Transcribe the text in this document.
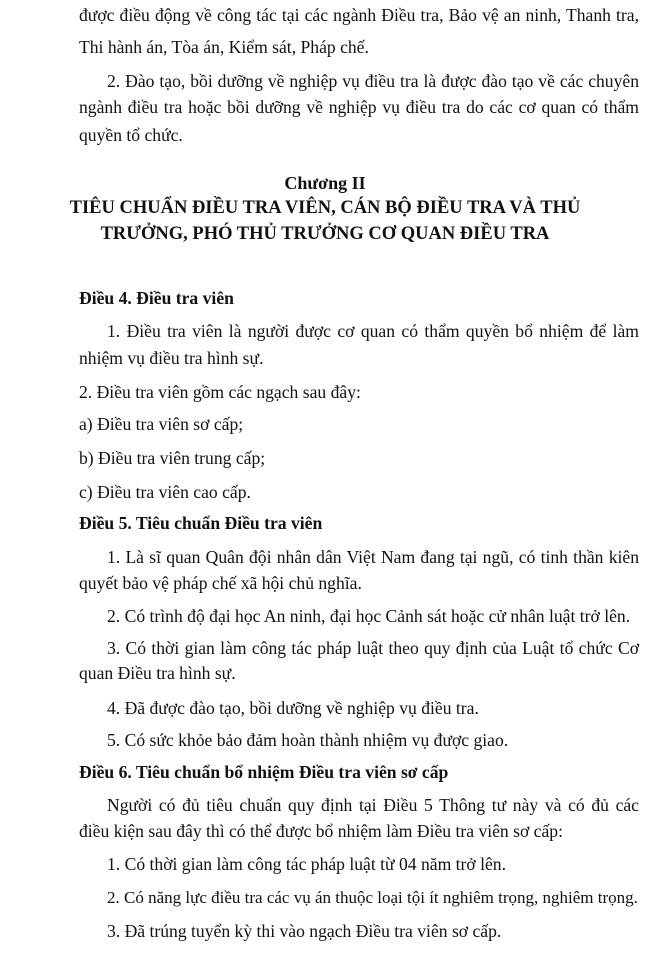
được điều động về công tác tại các ngành Điều tra, Bảo vệ an ninh, Thanh tra,
Thi hành án, Tòa án, Kiểm sát, Pháp chế.
2. Đào tạo, bồi dưỡng về nghiệp vụ điều tra là được đào tạo về các chuyên
ngành điều tra hoặc bồi dưỡng về nghiệp vụ điều tra do các cơ quan có thẩm
quyền tổ chức.
Chương II
TIÊU CHUẨN ĐIỀU TRA VIÊN, CÁN BỘ ĐIỀU TRA VÀ THỦ
TRƯỞNG, PHÓ THỦ TRƯỞNG CƠ QUAN ĐIỀU TRA
Điều 4. Điều tra viên
1. Điều tra viên là người được cơ quan có thẩm quyền bổ nhiệm để làm
nhiệm vụ điều tra hình sự.
2. Điều tra viên gồm các ngạch sau đây:
a) Điều tra viên sơ cấp;
b) Điều tra viên trung cấp;
c) Điều tra viên cao cấp.
Điều 5. Tiêu chuẩn Điều tra viên
1. Là sĩ quan Quân đội nhân dân Việt Nam đang tại ngũ, có tinh thần kiên
quyết bảo vệ pháp chế xã hội chủ nghĩa.
2. Có trình độ đại học An ninh, đại học Cảnh sát hoặc cử nhân luật trở lên.
3. Có thời gian làm công tác pháp luật theo quy định của Luật tổ chức Cơ
quan Điều tra hình sự.
4. Đã được đào tạo, bồi dưỡng về nghiệp vụ điều tra.
5. Có sức khỏe bảo đảm hoàn thành nhiệm vụ được giao.
Điều 6. Tiêu chuẩn bổ nhiệm Điều tra viên sơ cấp
Người có đủ tiêu chuẩn quy định tại Điều 5 Thông tư này và có đủ các
điều kiện sau đây thì có thể được bổ nhiệm làm Điều tra viên sơ cấp:
1. Có thời gian làm công tác pháp luật từ 04 năm trở lên.
2. Có năng lực điều tra các vụ án thuộc loại tội ít nghiêm trọng, nghiêm trọng.
3. Đã trúng tuyển kỳ thi vào ngạch Điều tra viên sơ cấp.
